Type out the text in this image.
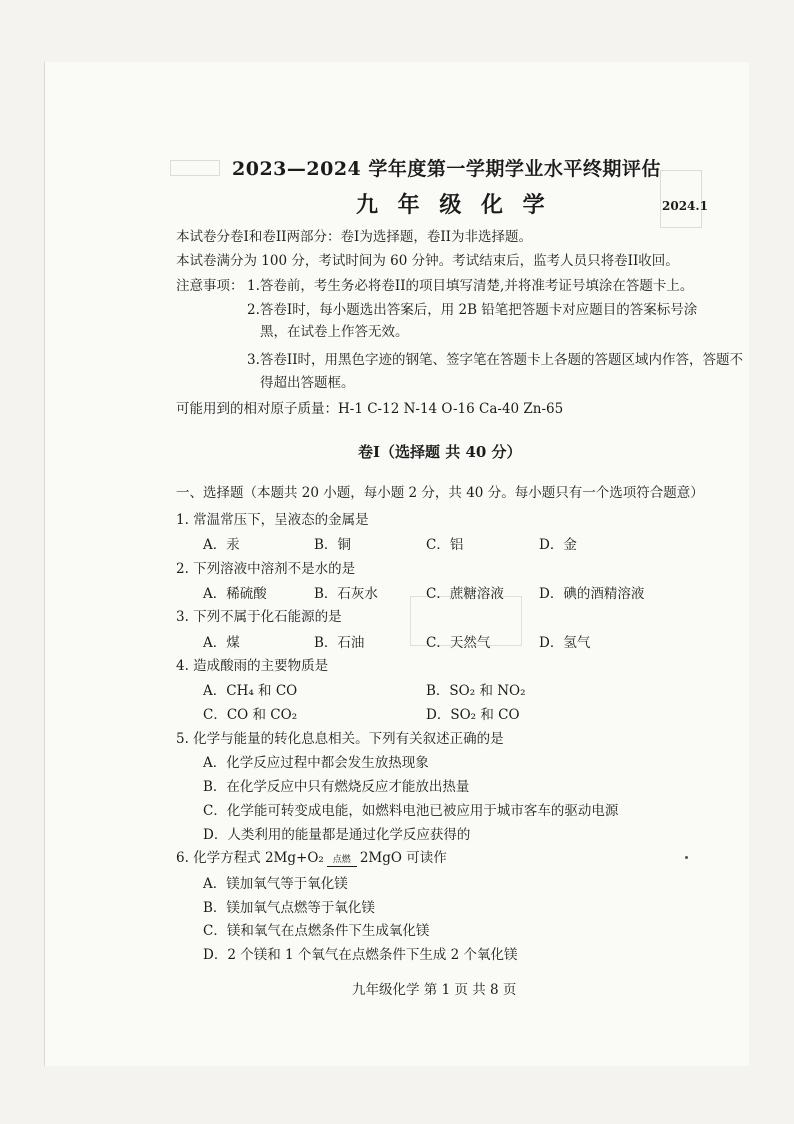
2023—2024 学年度第一学期学业水平终期评估
九 年 级 化 学	2024.1
本试卷分卷I和卷II两部分：卷I为选择题，卷II为非选择题。
本试卷满分为 100 分，考试时间为 60 分钟。考试结束后，监考人员只将卷II收回。
注意事项： 1.答卷前，考生务必将卷II的项目填写清楚,并将准考证号填涂在答题卡上。
2.答卷I时，每小题选出答案后，用 2B 铅笔把答题卡对应题目的答案标号涂
黑，在试卷上作答无效。
3.答卷II时，用黑色字迹的钢笔、签字笔在答题卡上各题的答题区域内作答，答题不
得超出答题框。
可能用到的相对原子质量：H-1 C-12 N-14 O-16 Ca-40 Zn-65
卷I（选择题 共 40 分）
一、选择题（本题共 20 小题，每小题 2 分，共 40 分。每小题只有一个选项符合题意）
1. 常温常压下，呈液态的金属是
A．汞	B．铜	C．铝	D．金
2. 下列溶液中溶剂不是水的是
A．稀硫酸	B．石灰水	C．蔗糖溶液	D．碘的酒精溶液
3. 下列不属于化石能源的是
A．煤	B．石油	C．天然气	D．氢气
4. 造成酸雨的主要物质是
A．CH₄ 和 CO	B．SO₂ 和 NO₂
C．CO 和 CO₂	D．SO₂ 和 CO
5. 化学与能量的转化息息相关。下列有关叙述正确的是
A．化学反应过程中都会发生放热现象
B．在化学反应中只有燃烧反应才能放出热量
C．化学能可转变成电能，如燃料电池已被应用于城市客车的驱动电源
D．人类利用的能量都是通过化学反应获得的
6. 化学方程式 2Mg+O₂ 点燃 2MgO 可读作
A．镁加氧气等于氧化镁
B．镁加氧气点燃等于氧化镁
C．镁和氧气在点燃条件下生成氧化镁
D．2 个镁和 1 个氧气在点燃条件下生成 2 个氧化镁
九年级化学 第 1 页 共 8 页
